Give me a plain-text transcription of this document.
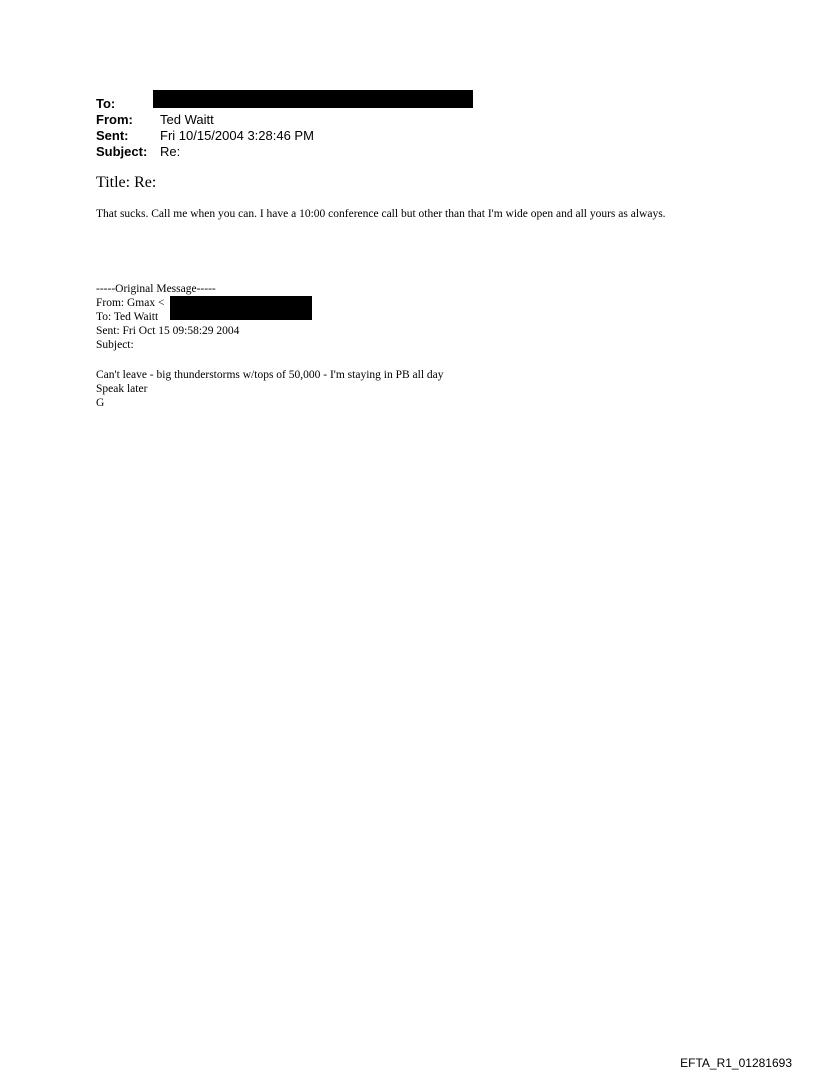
To:
From: Ted Waitt
Sent: Fri 10/15/2004 3:28:46 PM
Subject: Re:
Title: Re:
That sucks. Call me when you can. I have a 10:00 conference call but other than that I'm wide open and all yours as always.
-----Original Message-----
From: Gmax <
To: Ted Waitt
Sent: Fri Oct 15 09:58:29 2004
Subject:
Can't leave - big thunderstorms w/tops of 50,000 - I'm staying in PB all day
Speak later
G
EFTA_R1_01281693
